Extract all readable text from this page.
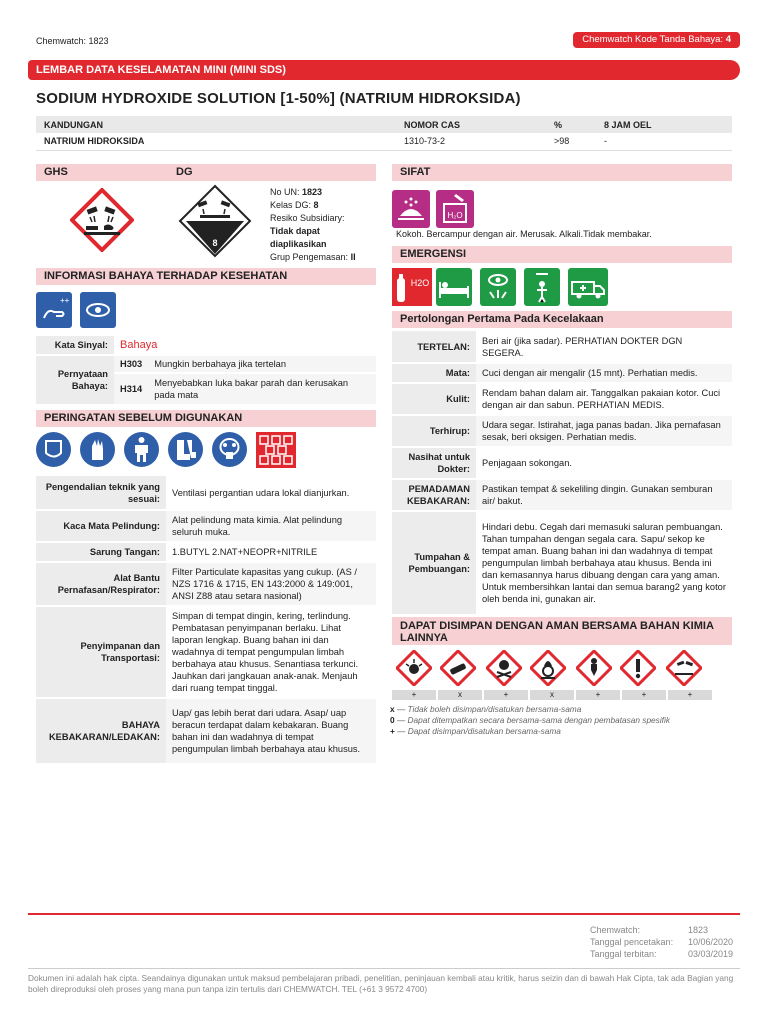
Chemwatch: 1823	Chemwatch Kode Tanda Bahaya: 4
LEMBAR DATA KESELAMATAN MINI (MINI SDS)
SODIUM HYDROXIDE SOLUTION [1-50%] (NATRIUM HIDROKSIDA)
KANDUNGAN	NOMOR CAS	%	8 JAM OEL
NATRIUM HIDROKSIDA	1310-73-2	>98	-
GHS	DG
8
No UN: 1823
Kelas DG: 8
Resiko Subsidiary:
Tidak dapat diaplikasikan
Grup Pengemasan: II
SIFAT
H₂O
Kokoh. Bercampur dengan air. Merusak. Alkali.Tidak membakar.
EMERGENSI
H2O
INFORMASI BAHAYA TERHADAP KESEHATAN
++
Kata Sinyal:	Bahaya	
Pernyataan Bahaya:	H303	Mungkin berbahaya jika tertelan
	H314	Menyebabkan luka bakar parah dan kerusakan pada mata
PERINGATAN SEBELUM DIGUNAKAN
Pengendalian teknik yang sesuai:	Ventilasi pergantian udara lokal dianjurkan.
Kaca Mata Pelindung:	Alat pelindung mata kimia. Alat pelindung seluruh muka.
Sarung Tangan:	1.BUTYL 2.NAT+NEOPR+NITRILE
Alat Bantu Pernafasan/Respirator:	Filter Particulate kapasitas yang cukup. (AS / NZS 1716 & 1715, EN 143:2000 & 149:001, ANSI Z88 atau setara nasional)
Penyimpanan dan Transportasi:	Simpan di tempat dingin, kering, terlindung. Pembatasan penyimpanan berlaku. Lihat laporan lengkap. Buang bahan ini dan wadahnya di tempat pengumpulan limbah berbahaya atau khusus. Senantiasa terkunci. Jauhkan dari jangkauan anak-anak. Menjauh dari ruang tempat tinggal.
BAHAYA KEBAKARAN/LEDAKAN:	Uap/ gas lebih berat dari udara. Asap/ uap beracun terdapat dalam kebakaran. Buang bahan ini dan wadahnya di tempat pengumpulan limbah berbahaya atau khusus.
Pertolongan Pertama Pada Kecelakaan
TERTELAN:	Beri air (jika sadar). PERHATIAN DOKTER DGN SEGERA.
Mata:	Cuci dengan air mengalir (15 mnt). Perhatian medis.
Kulit:	Rendam bahan dalam air. Tanggalkan pakaian kotor. Cuci dengan air dan sabun. PERHATIAN MEDIS.
Terhirup:	Udara segar. Istirahat, jaga panas badan. Jika pernafasan sesak, beri oksigen. Perhatian medis.
Nasihat untuk Dokter:	Penjagaan sokongan.
PEMADAMAN KEBAKARAN:	Pastikan tempat & sekeliling dingin. Gunakan semburan air/ bakut.
Tumpahan & Pembuangan:	Hindari debu. Cegah dari memasuki saluran pembuangan. Tahan tumpahan dengan segala cara. Sapu/ sekop ke tempat aman. Buang bahan ini dan wadahnya di tempat pengumpulan limbah berbahaya atau khusus. Benda ini dan kemasannya harus dibuang dengan cara yang aman. Untuk membersihkan lantai dan semua barang2 yang kotor oleh benda ini, gunakan air.
DAPAT DISIMPAN DENGAN AMAN BERSAMA BAHAN KIMIA LAINNYA
+	x	+	x	+	+	+
x — Tidak boleh disimpan/disatukan bersama-sama
0 — Dapat ditempatkan secara bersama-sama dengan pembatasan spesifik
+ — Dapat disimpan/disatukan bersama-sama
Chemwatch:	1823
Tanggal pencetakan: 10/06/2020
Tanggal terbitan:	03/03/2019
Dokumen ini adalah hak cipta. Seandainya digunakan untuk maksud pembelajaran pribadi, penelitian, peninjauan kembali atau kritik, harus seizin dan di bawah Hak Cipta, tak ada Bagian yang boleh direproduksi oleh proses yang mana pun tanpa izin tertulis dari CHEMWATCH. TEL (+61 3 9572 4700)
